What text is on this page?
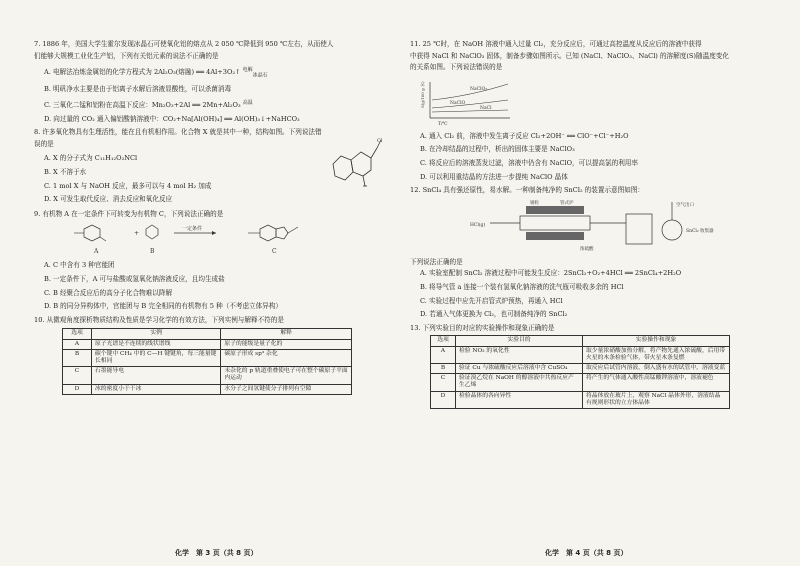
7. 1886 年，美国大学生霍尔发现冰晶石可使氧化铝的熔点从 2 050 ℃降低到 950 ℃左右，从而使人
们能够大规模工业化生产铝，下列有关铝元素的说法不正确的是
A. 电解法冶炼金属铝的化学方程式为 2Al₂O₃(熔融) ══ 4Al+3O₂↑ $^{电解}_{冰晶石}$
B. 明矾净水主要是由于铝离子水解后溶液显酸性，可以杀菌消毒
C. 三氧化二锰和铝粉在高温下反应：Mn₂O₃+2Al ══ 2Mn+Al₂O₃ $^{高温}$
D. 向过量的 CO₂ 通入偏铝酸钠溶液中：CO₂+Na[Al(OH)₄] ══ Al(OH)₃↓+NaHCO₃
8. 许多氧化物具有生理活性，能在且有机相作用。化合物 X 就是其中一种，结构如图。下列说法错
误的是
A. X 的分子式为 C₁₁H₁₂O₂NCl
B. X 不溶于水
C. 1 mol X 与 NaOH 反应，最多可以与 4 mol H₂ 加成
D. X 可发生取代反应、消去反应和氧化反应
Cl
9. 有机物 A 在一定条件下可转变为有机物 C，下列说法正确的是
+
一定条件
A	B	C
A. C 中含有 3 种官能团
B. 一定条件下，A 可与盐酸或氢氧化钠溶液反应，且均生成盐
C. B 经聚合反应后的高分子化合物难以降解
D. B 的同分异构体中，官能团与 B 完全相同的有机物有 5 种（不考虑立体异构）
10. 从微观角度探析物质结构及性质是学习化学的有效方法，下列实例与解释不符的是
选项	实例	解释
A	原子光谱是不连续的线状谱线	原子的能级是量子化的
B	碳个键中 CH₄ 中的 C—H 键键角，每三能量键长相同	碳原子形成 sp³ 杂化
C	石墨能导电	未杂化的 p 轨道重叠使电子可在整个碳原子平面内运动
D	冰的密度小于干冰	水分子之间氢键使分子排列有空隙
化学　第 3 页（共 8 页）
11. 25 ℃时，在 NaOH 溶液中通入过量 Cl₂，充分反应后，可通过高控温度从反应后的溶液中获得
中获得 NaCl 和 NaClO₃ 固体，制备步骤如图所示。已知 (NaCl、NaClO₃、NaCl) 的溶解度(S)随温度变化
的关系如图。下列说法错误的是
NaClO₃
NaClO
NaCl
S(g/100 g 水)
T/℃
A. 通入 Cl₂ 前，溶液中发生离子反应 Cl₂+2OH⁻ ══ ClO⁻+Cl⁻+H₂O
B. 在冷却结晶的过程中，析出的固体主要是 NaClO₃
C. 将反应后的溶液蒸发过滤，溶液中仍含有 NaClO，可以提高氯的利用率
D. 可以利用重结晶的方法进一步提纯 NaClO 晶体
12. SnCl₄ 具有强还原性，易水解。一种制备纯净的 SnCl₂ 的装置示意图如图：
锡粒	管式炉	空气出口
HCl(g)
浓硫酸
SnCl₂ 收集器
下列说法正确的是
A. 实验室配制 SnCl₂ 溶液过程中可能发生反应：2SnCl₂+O₂+4HCl ══ 2SnCl₄+2H₂O
B. 将导气管 a 连接一个装有氢氧化钠溶液的洗气瓶可吸收多余的 HCl
C. 实验过程中应先开启管式炉预热，再通入 HCl
D. 若通入气体更换为 Cl₂，也可制备纯净的 SnCl₂
13. 下列实验目的对应的实验操作和现象正确的是
选项	实验目的	实验操作和现象
A	检验 NO₂ 的氧化性	取少量浓硝酸加热分解，将产物先通入浓硫酸，后用带火星的木条检验气体，带火星木条复燃
B	验证 Cu 与浓硫酸反应后溶液中含 CuSO₄	取反应后试管内溶液，倒入盛有水的试管中，溶液变蓝
C	验证溴乙烷在 NaOH 的醇溶液中共热反应产生乙烯	将产生的气体通入酸性高锰酸钾溶液中，溶液褪色
D	检验晶体的各向异性	将晶体放在玻片上，观察 NaCl 晶体外形，溶液结晶有规则形状的立方体晶体
化学　第 4 页（共 8 页）
